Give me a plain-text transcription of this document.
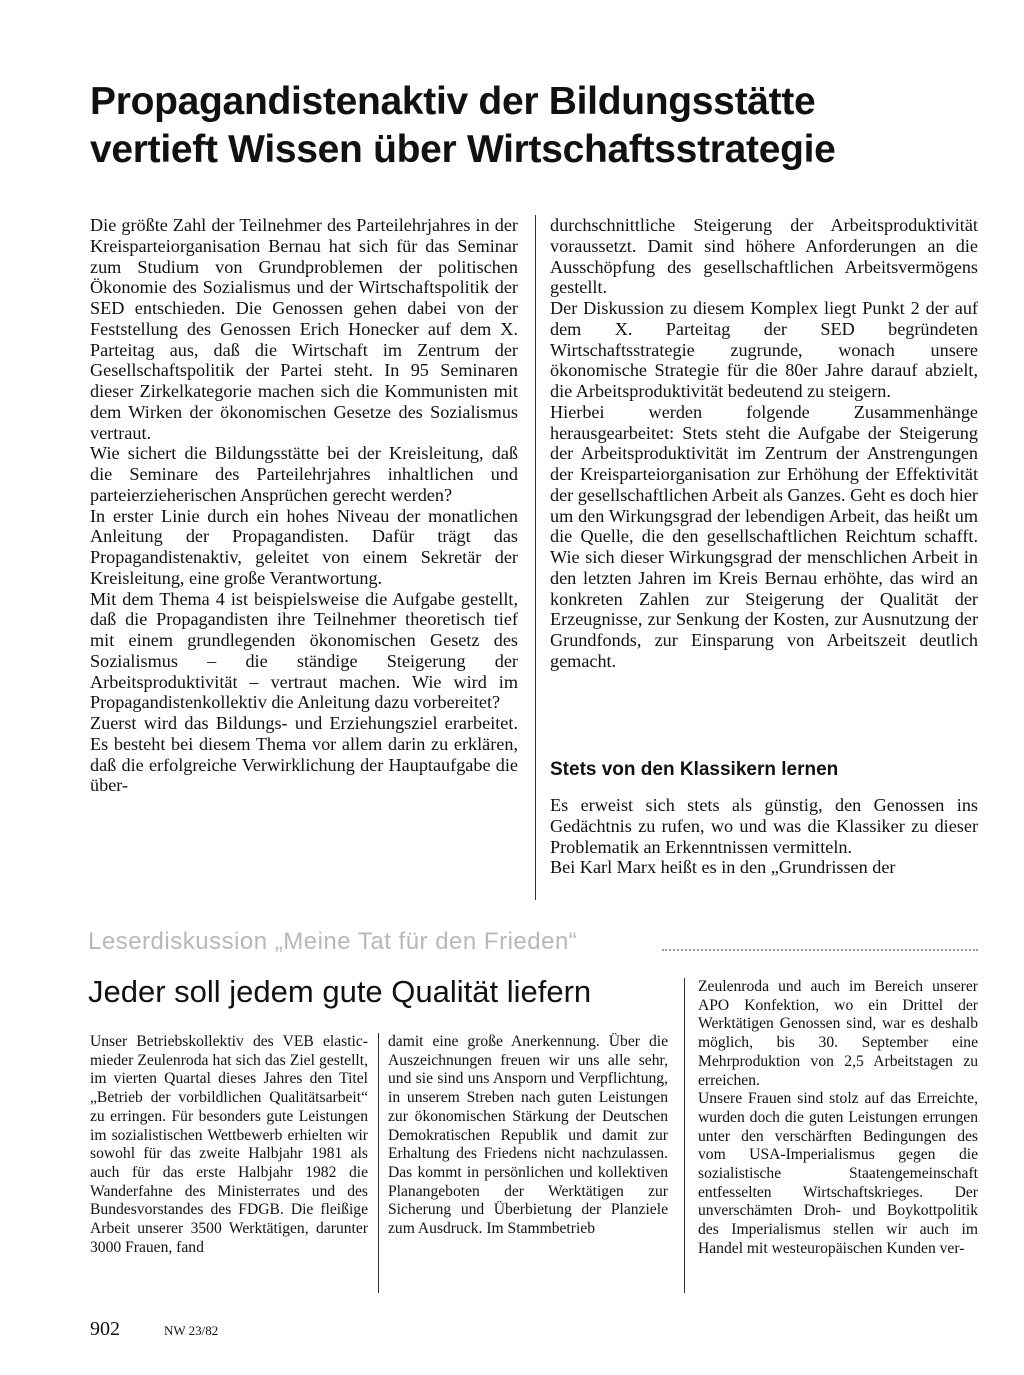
Propagandistenaktiv der Bildungsstätte
vertieft Wissen über Wirtschaftsstrategie

Die größte Zahl der Teilnehmer des Parteilehrjahres in der Kreisparteiorganisation Bernau hat sich für das Seminar zum Studium von Grundproblemen der politischen Ökonomie des Sozialismus und der Wirtschaftspolitik der SED entschieden. Die Genossen gehen dabei von der Feststellung des Genossen Erich Honecker auf dem X. Parteitag aus, daß die Wirtschaft im Zentrum der Gesellschaftspolitik der Partei steht. In 95 Seminaren dieser Zirkelkategorie machen sich die Kommunisten mit dem Wirken der ökonomischen Gesetze des Sozialismus vertraut.

Wie sichert die Bildungsstätte bei der Kreisleitung, daß die Seminare des Parteilehrjahres inhaltlichen und parteierzieherischen Ansprüchen gerecht werden?

In erster Linie durch ein hohes Niveau der monatlichen Anleitung der Propagandisten. Dafür trägt das Propagandistenaktiv, geleitet von einem Sekretär der Kreisleitung, eine große Verantwortung.

Mit dem Thema 4 ist beispielsweise die Aufgabe gestellt, daß die Propagandisten ihre Teilnehmer theoretisch tief mit einem grundlegenden ökonomischen Gesetz des Sozialismus – die ständige Steigerung der Arbeitsproduktivität – vertraut machen. Wie wird im Propagandistenkollektiv die Anleitung dazu vorbereitet?

Zuerst wird das Bildungs- und Erziehungsziel erarbeitet. Es besteht bei diesem Thema vor allem darin zu erklären, daß die erfolgreiche Verwirklichung der Hauptaufgabe die über-

durchschnittliche Steigerung der Arbeitsproduktivität voraussetzt. Damit sind höhere Anforderungen an die Ausschöpfung des gesellschaftlichen Arbeitsvermögens gestellt.

Der Diskussion zu diesem Komplex liegt Punkt 2 der auf dem X. Parteitag der SED begründeten Wirtschaftsstrategie zugrunde, wonach unsere ökonomische Strategie für die 80er Jahre darauf abzielt, die Arbeitsproduktivität bedeutend zu steigern.

Hierbei werden folgende Zusammenhänge herausgearbeitet: Stets steht die Aufgabe der Steigerung der Arbeitsproduktivität im Zentrum der Anstrengungen der Kreisparteiorganisation zur Erhöhung der Effektivität der gesellschaftlichen Arbeit als Ganzes. Geht es doch hier um den Wirkungsgrad der lebendigen Arbeit, das heißt um die Quelle, die den gesellschaftlichen Reichtum schafft. Wie sich dieser Wirkungsgrad der menschlichen Arbeit in den letzten Jahren im Kreis Bernau erhöhte, das wird an konkreten Zahlen zur Steigerung der Qualität der Erzeugnisse, zur Senkung der Kosten, zur Ausnutzung der Grundfonds, zur Einsparung von Arbeitszeit deutlich gemacht.

Stets von den Klassikern lernen

Es erweist sich stets als günstig, den Genossen ins Gedächtnis zu rufen, wo und was die Klassiker zu dieser Problematik an Erkenntnissen vermitteln.

Bei Karl Marx heißt es in den „Grundrissen der

Leserdiskussion „Meine Tat für den Frieden“
Jeder soll jedem gute Qualität liefern

Unser Betriebskollektiv des VEB elastic-mieder Zeulenroda hat sich das Ziel gestellt, im vierten Quartal dieses Jahres den Titel „Betrieb der vorbildlichen Qualitätsarbeit“ zu erringen. Für besonders gute Leistungen im sozialistischen Wettbewerb erhielten wir sowohl für das zweite Halbjahr 1981 als auch für das erste Halbjahr 1982 die Wanderfahne des Ministerrates und des Bundesvorstandes des FDGB. Die fleißige Arbeit unserer 3500 Werktätigen, darunter 3000 Frauen, fand

damit eine große Anerkennung. Über die Auszeichnungen freuen wir uns alle sehr, und sie sind uns Ansporn und Verpflichtung, in unserem Streben nach guten Leistungen zur ökonomischen Stärkung der Deutschen Demokratischen Republik und damit zur Erhaltung des Friedens nicht nachzulassen. Das kommt in persönlichen und kollektiven Planangeboten der Werktätigen zur Sicherung und Überbietung der Planziele zum Ausdruck. Im Stammbetrieb

Zeulenroda und auch im Bereich unserer APO Konfektion, wo ein Drittel der Werktätigen Genossen sind, war es deshalb möglich, bis 30. September eine Mehrproduktion von 2,5 Arbeitstagen zu erreichen.

Unsere Frauen sind stolz auf das Erreichte, wurden doch die guten Leistungen errungen unter den verschärften Bedingungen des vom USA-Imperialismus gegen die sozialistische Staatengemeinschaft entfesselten Wirtschaftskrieges. Der unverschämten Droh- und Boykottpolitik des Imperialismus stellen wir auch im Handel mit westeuropäischen Kunden ver-

902	NW 23/82
